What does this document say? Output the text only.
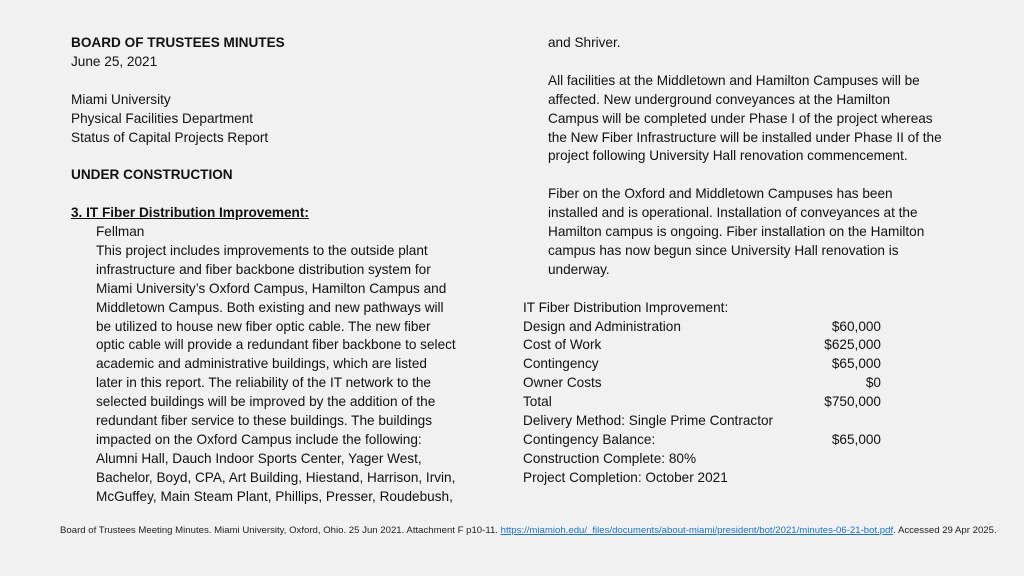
BOARD OF TRUSTEES MINUTES
June 25, 2021
Miami University
Physical Facilities Department
Status of Capital Projects Report
UNDER CONSTRUCTION
3. IT Fiber Distribution Improvement:
Fellman
This project includes improvements to the outside plant
infrastructure and fiber backbone distribution system for
Miami University’s Oxford Campus, Hamilton Campus and
Middletown Campus. Both existing and new pathways will
be utilized to house new fiber optic cable. The new fiber
optic cable will provide a redundant fiber backbone to select
academic and administrative buildings, which are listed
later in this report. The reliability of the IT network to the
selected buildings will be improved by the addition of the
redundant fiber service to these buildings. The buildings
impacted on the Oxford Campus include the following:
Alumni Hall, Dauch Indoor Sports Center, Yager West,
Bachelor, Boyd, CPA, Art Building, Hiestand, Harrison, Irvin,
McGuffey, Main Steam Plant, Phillips, Presser, Roudebush,
and Shriver.
All facilities at the Middletown and Hamilton Campuses will be
affected. New underground conveyances at the Hamilton
Campus will be completed under Phase I of the project whereas
the New Fiber Infrastructure will be installed under Phase II of the
project following University Hall renovation commencement.
Fiber on the Oxford and Middletown Campuses has been
installed and is operational. Installation of conveyances at the
Hamilton campus is ongoing. Fiber installation on the Hamilton
campus has now begun since University Hall renovation is
underway.
IT Fiber Distribution Improvement:
Design and Administration	$60,000
Cost of Work	$625,000
Contingency	$65,000
Owner Costs	$0
Total	$750,000
Delivery Method: Single Prime Contractor
Contingency Balance:	$65,000
Construction Complete: 80%
Project Completion: October 2021
Board of Trustees Meeting Minutes. Miami University, Oxford, Ohio. 25 Jun 2021. Attachment F p10-11. https://miamioh.edu/_files/documents/about-miami/president/bot/2021/minutes-06-21-bot.pdf. Accessed 29 Apr 2025.
